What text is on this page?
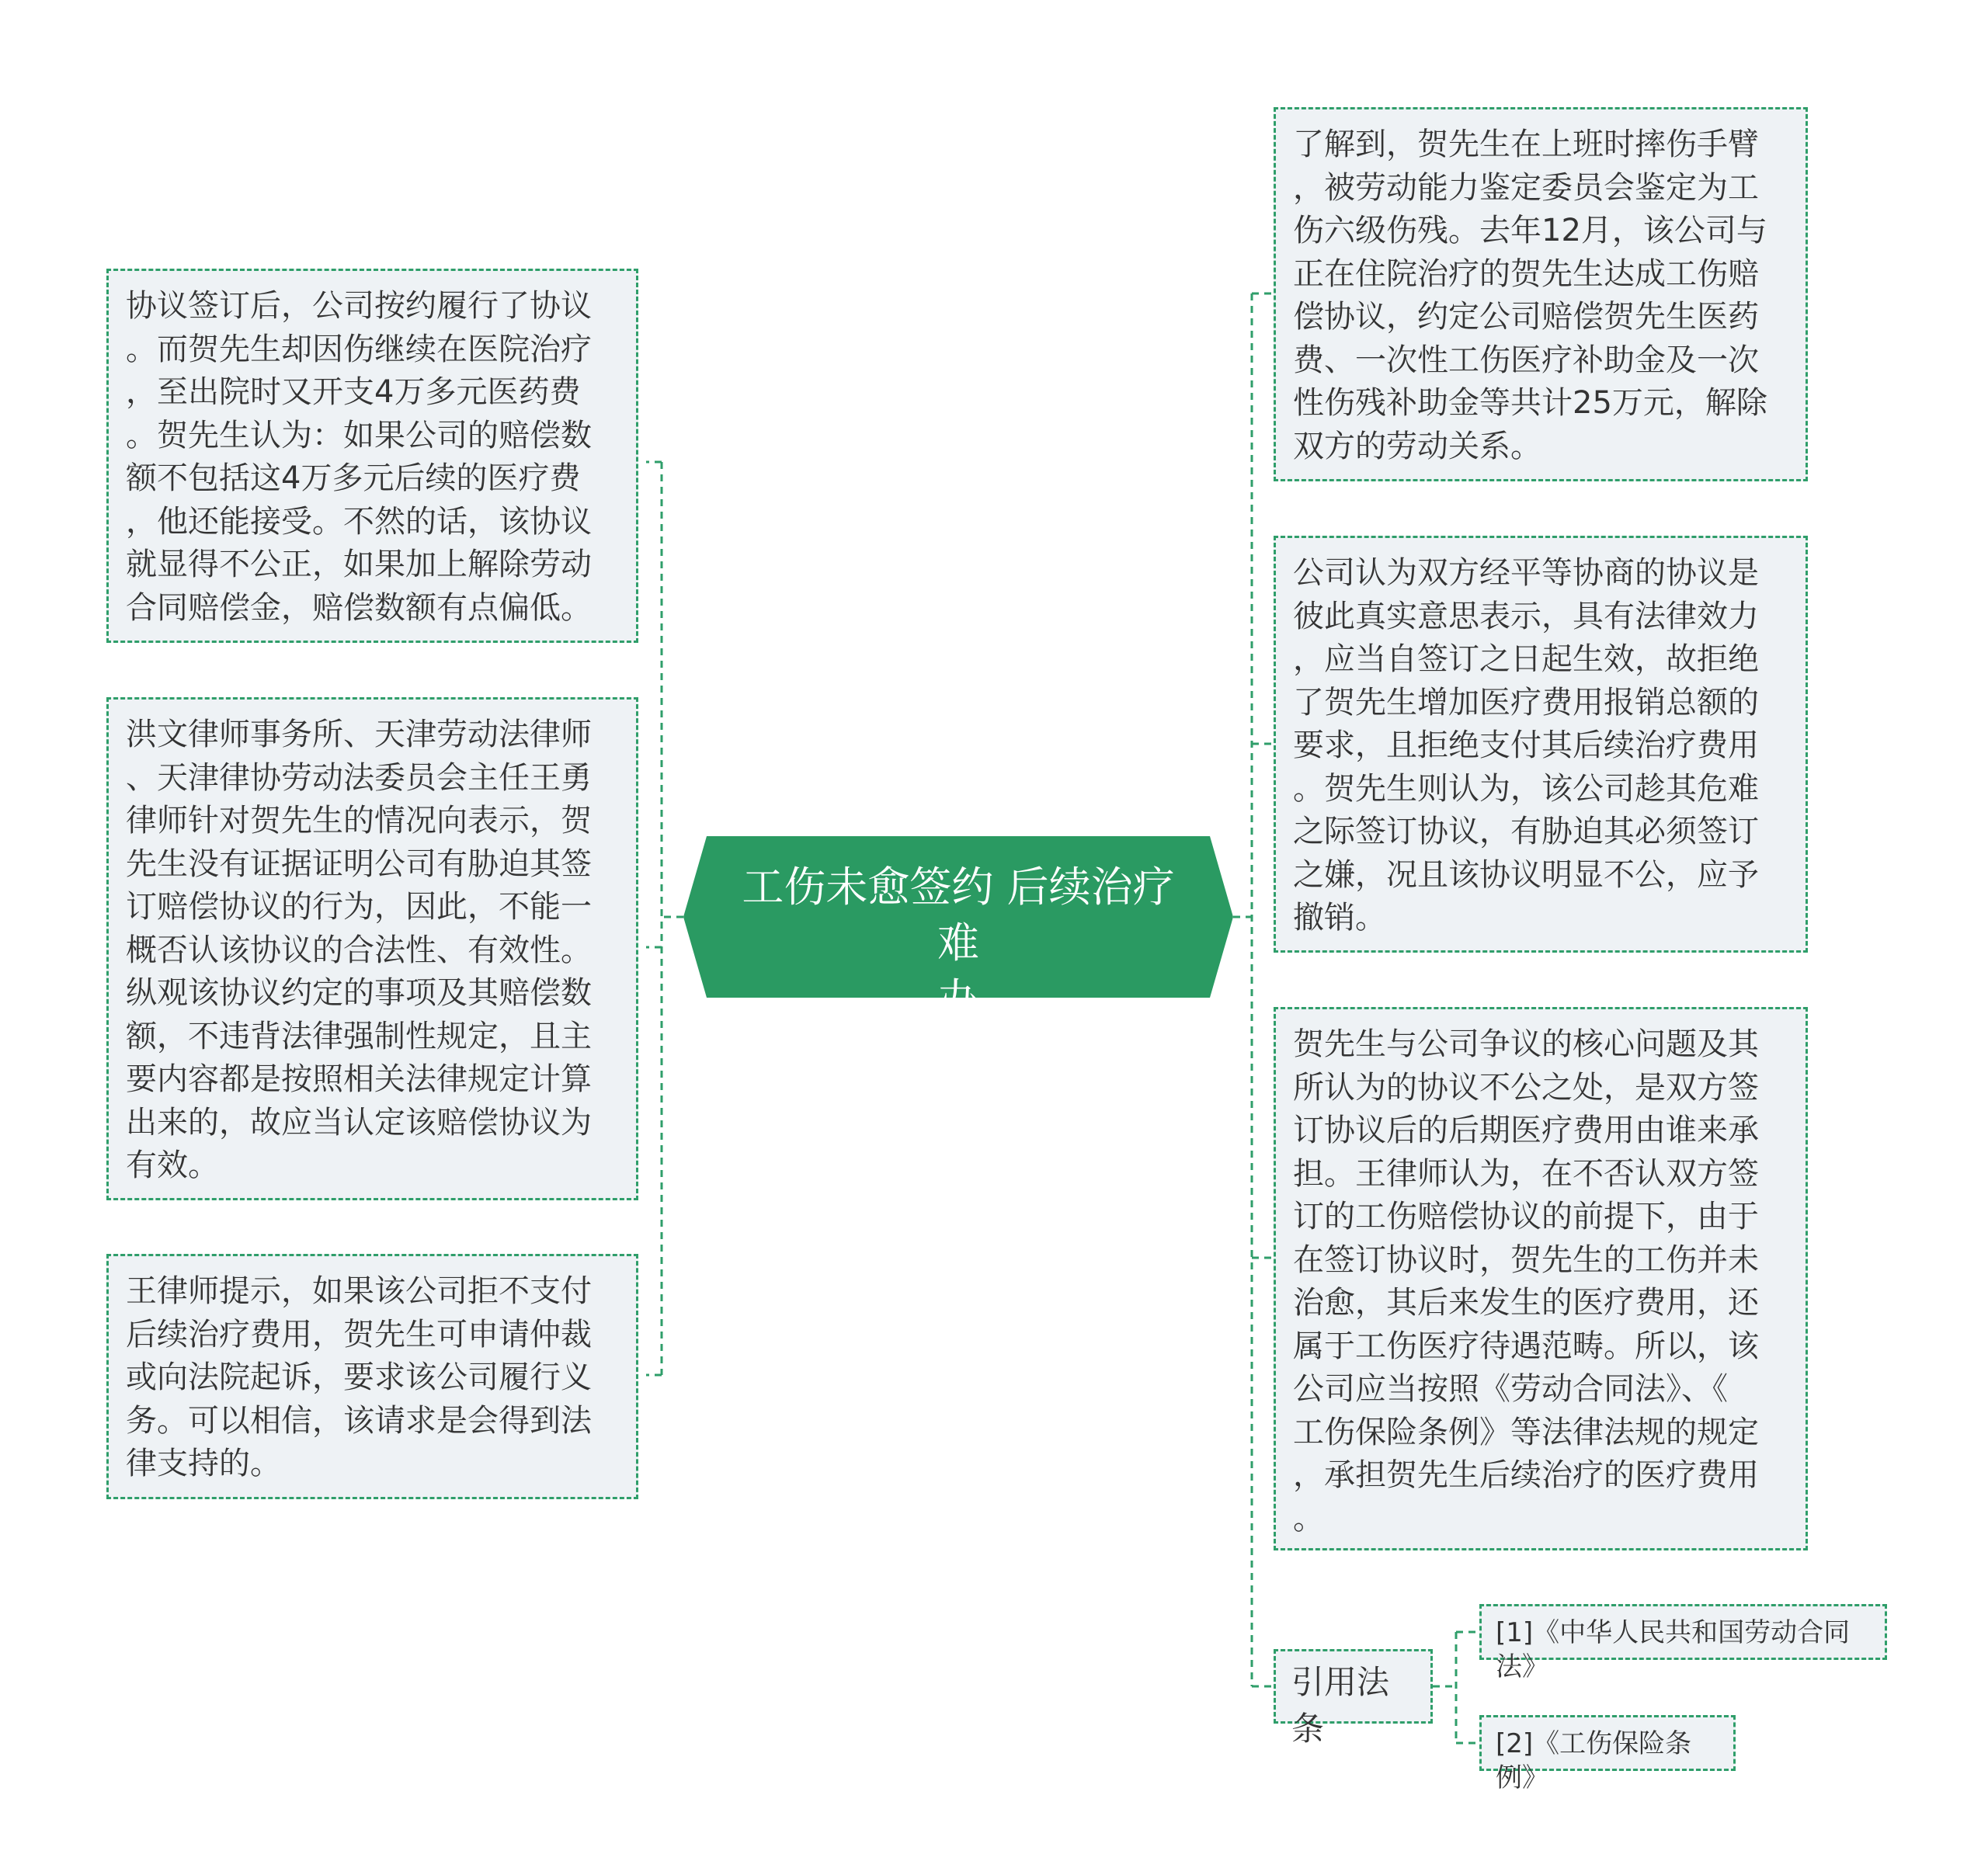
工伤未愈签约 后续治疗难
办

协议签订后，公司按约履行了协议
。而贺先生却因伤继续在医院治疗
，至出院时又开支4万多元医药费
。贺先生认为：如果公司的赔偿数
额不包括这4万多元后续的医疗费
，他还能接受。不然的话，该协议
就显得不公正，如果加上解除劳动
合同赔偿金，赔偿数额有点偏低。

洪文律师事务所、天津劳动法律师
、天津律协劳动法委员会主任王勇
律师针对贺先生的情况向表示，贺
先生没有证据证明公司有胁迫其签
订赔偿协议的行为，因此，不能一
概否认该协议的合法性、有效性。
纵观该协议约定的事项及其赔偿数
额，不违背法律强制性规定，且主
要内容都是按照相关法律规定计算
出来的，故应当认定该赔偿协议为
有效。

王律师提示，如果该公司拒不支付
后续治疗费用，贺先生可申请仲裁
或向法院起诉，要求该公司履行义
务。可以相信，该请求是会得到法
律支持的。

了解到，贺先生在上班时摔伤手臂
，被劳动能力鉴定委员会鉴定为工
伤六级伤残。去年12月，该公司与
正在住院治疗的贺先生达成工伤赔
偿协议，约定公司赔偿贺先生医药
费、一次性工伤医疗补助金及一次
性伤残补助金等共计25万元，解除
双方的劳动关系。

公司认为双方经平等协商的协议是
彼此真实意思表示，具有法律效力
，应当自签订之日起生效，故拒绝
了贺先生增加医疗费用报销总额的
要求，且拒绝支付其后续治疗费用
。贺先生则认为，该公司趁其危难
之际签订协议，有胁迫其必须签订
之嫌，况且该协议明显不公，应予
撤销。

贺先生与公司争议的核心问题及其
所认为的协议不公之处，是双方签
订协议后的后期医疗费用由谁来承
担。王律师认为，在不否认双方签
订的工伤赔偿协议的前提下，由于
在签订协议时，贺先生的工伤并未
治愈，其后来发生的医疗费用，还
属于工伤医疗待遇范畴。所以，该
公司应当按照《劳动合同法》、《
工伤保险条例》等法律法规的规定
，承担贺先生后续治疗的医疗费用
。

引用法条
[1]《中华人民共和国劳动合同法》
[2]《工伤保险条例》
